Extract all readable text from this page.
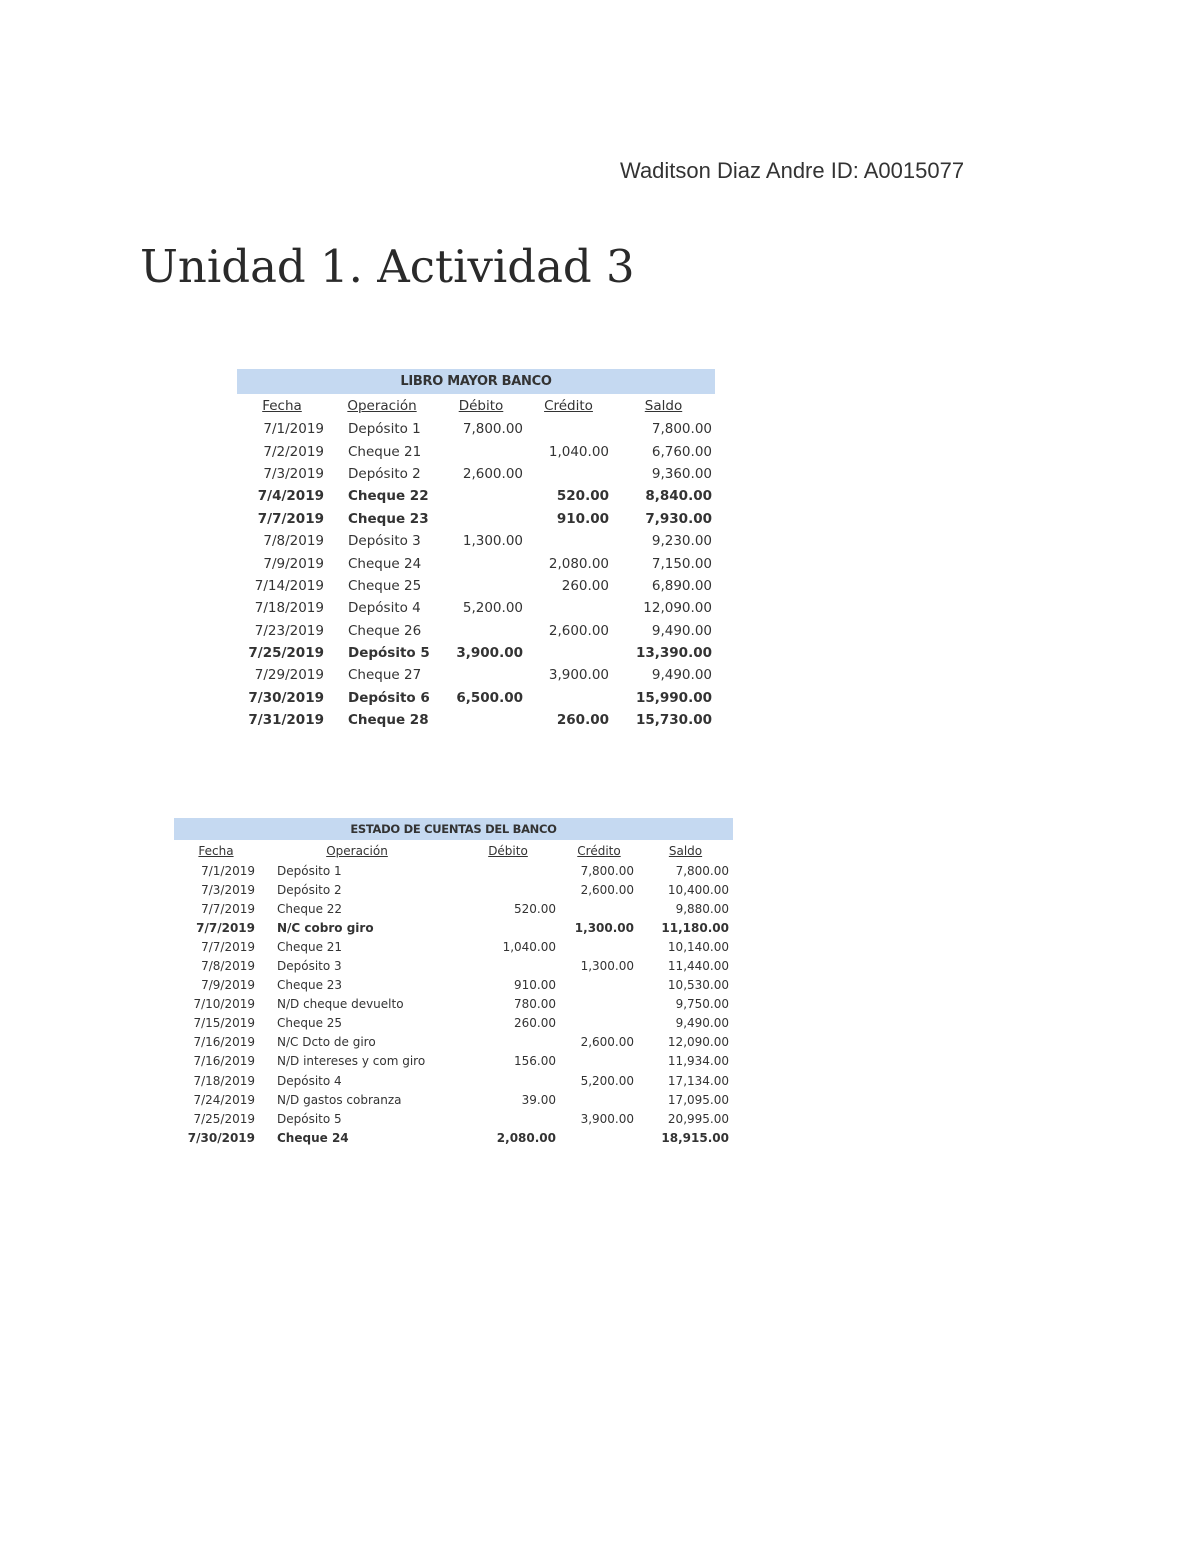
Waditson Diaz Andre ID: A0015077
Unidad 1. Actividad 3
LIBRO MAYOR BANCO				
Fecha	Operación	Débito	Crédito	Saldo
7/1/2019	Depósito 1	7,800.00		7,800.00
7/2/2019	Cheque 21		1,040.00	6,760.00
7/3/2019	Depósito 2	2,600.00		9,360.00
7/4/2019	Cheque 22		520.00	8,840.00
7/7/2019	Cheque 23		910.00	7,930.00
7/8/2019	Depósito 3	1,300.00		9,230.00
7/9/2019	Cheque 24		2,080.00	7,150.00
7/14/2019	Cheque 25		260.00	6,890.00
7/18/2019	Depósito 4	5,200.00		12,090.00
7/23/2019	Cheque 26		2,600.00	9,490.00
7/25/2019	Depósito 5	3,900.00		13,390.00
7/29/2019	Cheque 27		3,900.00	9,490.00
7/30/2019	Depósito 6	6,500.00		15,990.00
7/31/2019	Cheque 28		260.00	15,730.00
ESTADO DE CUENTAS DEL BANCO				
Fecha	Operación	Débito	Crédito	Saldo
7/1/2019	Depósito 1		7,800.00	7,800.00
7/3/2019	Depósito 2		2,600.00	10,400.00
7/7/2019	Cheque 22	520.00		9,880.00
7/7/2019	N/C cobro giro		1,300.00	11,180.00
7/7/2019	Cheque 21	1,040.00		10,140.00
7/8/2019	Depósito 3		1,300.00	11,440.00
7/9/2019	Cheque 23	910.00		10,530.00
7/10/2019	N/D cheque devuelto	780.00		9,750.00
7/15/2019	Cheque 25	260.00		9,490.00
7/16/2019	N/C Dcto de giro		2,600.00	12,090.00
7/16/2019	N/D intereses y com giro	156.00		11,934.00
7/18/2019	Depósito 4		5,200.00	17,134.00
7/24/2019	N/D gastos cobranza	39.00		17,095.00
7/25/2019	Depósito 5		3,900.00	20,995.00
7/30/2019	Cheque 24	2,080.00		18,915.00
